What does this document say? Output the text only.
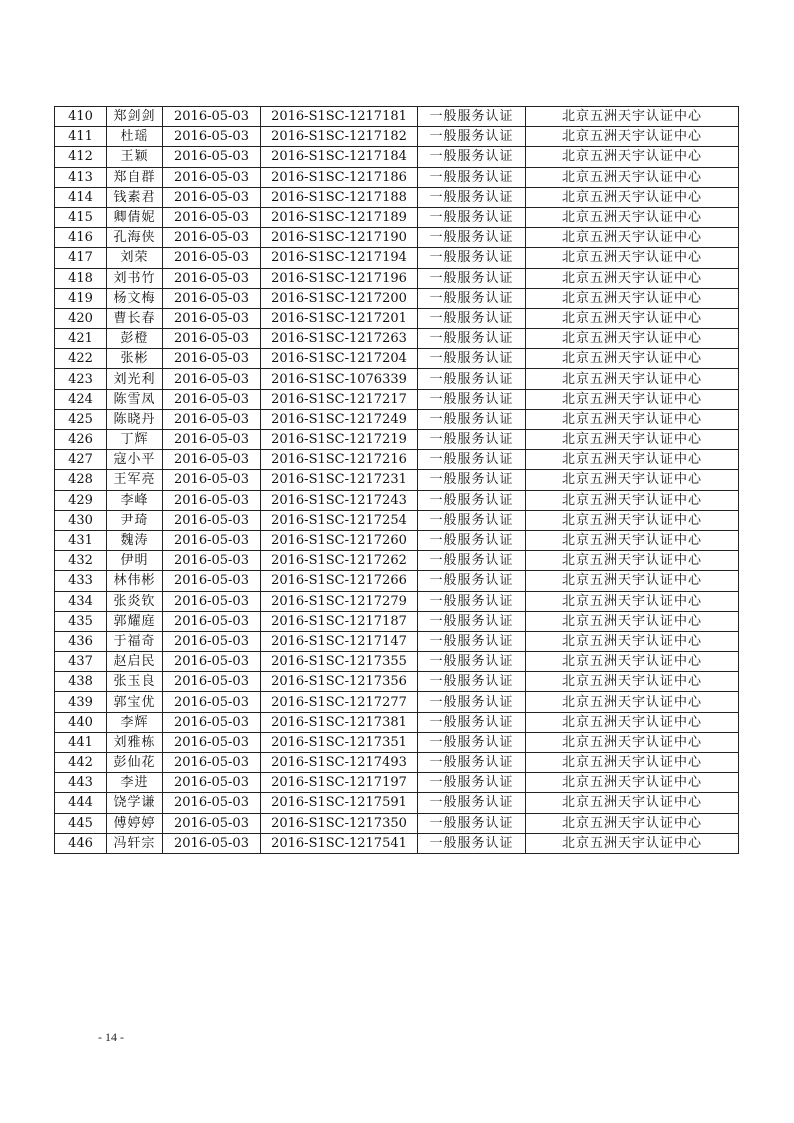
410	郑剑剑	2016-05-03	2016-S1SC-1217181	一般服务认证	北京五洲天宇认证中心
411	杜瑶	2016-05-03	2016-S1SC-1217182	一般服务认证	北京五洲天宇认证中心
412	王颖	2016-05-03	2016-S1SC-1217184	一般服务认证	北京五洲天宇认证中心
413	郑自群	2016-05-03	2016-S1SC-1217186	一般服务认证	北京五洲天宇认证中心
414	钱素君	2016-05-03	2016-S1SC-1217188	一般服务认证	北京五洲天宇认证中心
415	卿倩妮	2016-05-03	2016-S1SC-1217189	一般服务认证	北京五洲天宇认证中心
416	孔海侠	2016-05-03	2016-S1SC-1217190	一般服务认证	北京五洲天宇认证中心
417	刘荣	2016-05-03	2016-S1SC-1217194	一般服务认证	北京五洲天宇认证中心
418	刘书竹	2016-05-03	2016-S1SC-1217196	一般服务认证	北京五洲天宇认证中心
419	杨文梅	2016-05-03	2016-S1SC-1217200	一般服务认证	北京五洲天宇认证中心
420	曹长春	2016-05-03	2016-S1SC-1217201	一般服务认证	北京五洲天宇认证中心
421	彭橙	2016-05-03	2016-S1SC-1217263	一般服务认证	北京五洲天宇认证中心
422	张彬	2016-05-03	2016-S1SC-1217204	一般服务认证	北京五洲天宇认证中心
423	刘光利	2016-05-03	2016-S1SC-1076339	一般服务认证	北京五洲天宇认证中心
424	陈雪凤	2016-05-03	2016-S1SC-1217217	一般服务认证	北京五洲天宇认证中心
425	陈晓丹	2016-05-03	2016-S1SC-1217249	一般服务认证	北京五洲天宇认证中心
426	丁辉	2016-05-03	2016-S1SC-1217219	一般服务认证	北京五洲天宇认证中心
427	寇小平	2016-05-03	2016-S1SC-1217216	一般服务认证	北京五洲天宇认证中心
428	王军亮	2016-05-03	2016-S1SC-1217231	一般服务认证	北京五洲天宇认证中心
429	李峰	2016-05-03	2016-S1SC-1217243	一般服务认证	北京五洲天宇认证中心
430	尹琦	2016-05-03	2016-S1SC-1217254	一般服务认证	北京五洲天宇认证中心
431	魏涛	2016-05-03	2016-S1SC-1217260	一般服务认证	北京五洲天宇认证中心
432	伊明	2016-05-03	2016-S1SC-1217262	一般服务认证	北京五洲天宇认证中心
433	林伟彬	2016-05-03	2016-S1SC-1217266	一般服务认证	北京五洲天宇认证中心
434	张炎钦	2016-05-03	2016-S1SC-1217279	一般服务认证	北京五洲天宇认证中心
435	郭耀庭	2016-05-03	2016-S1SC-1217187	一般服务认证	北京五洲天宇认证中心
436	于福奇	2016-05-03	2016-S1SC-1217147	一般服务认证	北京五洲天宇认证中心
437	赵启民	2016-05-03	2016-S1SC-1217355	一般服务认证	北京五洲天宇认证中心
438	张玉良	2016-05-03	2016-S1SC-1217356	一般服务认证	北京五洲天宇认证中心
439	郭宝优	2016-05-03	2016-S1SC-1217277	一般服务认证	北京五洲天宇认证中心
440	李辉	2016-05-03	2016-S1SC-1217381	一般服务认证	北京五洲天宇认证中心
441	刘雅栋	2016-05-03	2016-S1SC-1217351	一般服务认证	北京五洲天宇认证中心
442	彭仙花	2016-05-03	2016-S1SC-1217493	一般服务认证	北京五洲天宇认证中心
443	李进	2016-05-03	2016-S1SC-1217197	一般服务认证	北京五洲天宇认证中心
444	饶学谦	2016-05-03	2016-S1SC-1217591	一般服务认证	北京五洲天宇认证中心
445	傅婷婷	2016-05-03	2016-S1SC-1217350	一般服务认证	北京五洲天宇认证中心
446	冯轩宗	2016-05-03	2016-S1SC-1217541	一般服务认证	北京五洲天宇认证中心
- 14 -
